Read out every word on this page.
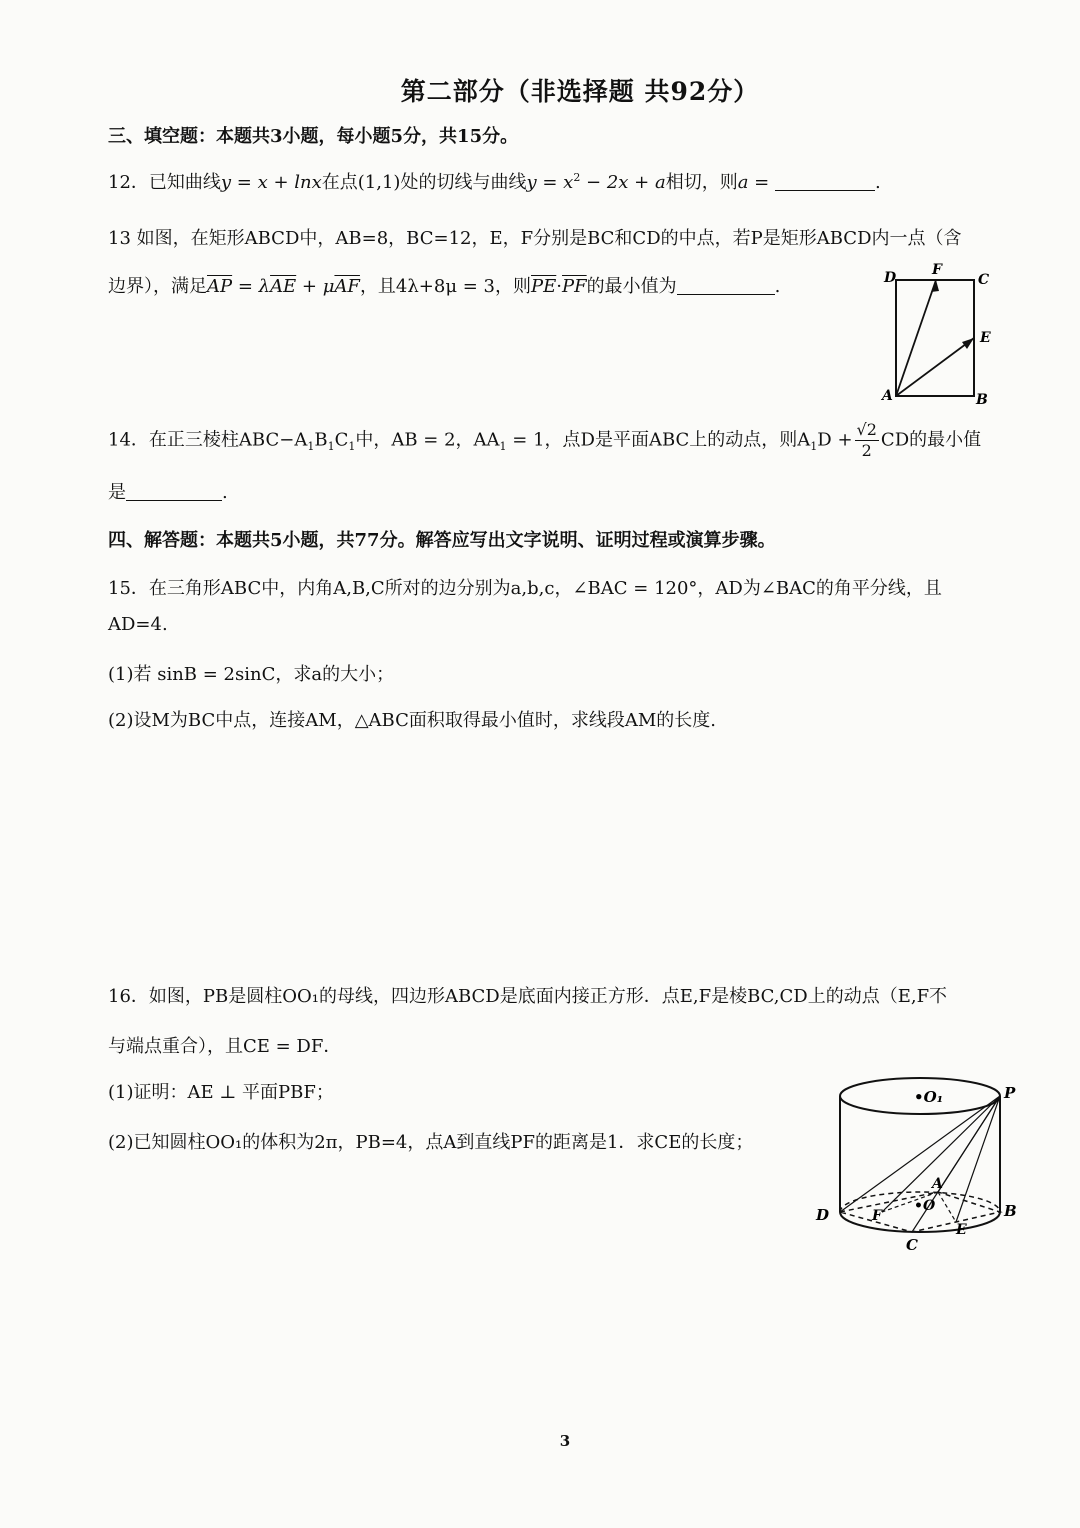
第二部分（非选择题 共92分）
三、填空题：本题共3小题，每小题5分，共15分。
12．已知曲线y = x + lnx在点(1,1)处的切线与曲线$y = x^2 - 2x + a$相切，则a =	.
13 如图，在矩形ABCD中，AB=8，BC=12，E，F分别是BC和CD的中点，若P是矩形ABCD内一点（含
边界），满足$\overline{AP} = \lambda\overline{AE} + \mu\overline{AF}$，且4λ+8μ = 3，则$\overline{PE}\cdot\overline{PF}$的最小值为	.	D	F
C
E
A	B
14．在正三棱柱$ABC-A_1B_1C_1$中，AB = 2，$AA_1 = 1$，点D是平面ABC上的动点，则$A_1D + \frac{√2}{2}$ CD的最小值
是	.
四、解答题：本题共5小题，共77分。解答应写出文字说明、证明过程或演算步骤。
15．在三角形ABC中，内角A,B,C所对的边分别为a,b,c，∠BAC = 120°，AD为∠BAC的角平分线，且
AD=4.
(1)若 sinB = 2sinC，求a的大小；
(2)设M为BC中点，连接AM，△ABC面积取得最小值时，求线段AM的长度.
16．如图，PB是圆柱OO₁的母线，四边形ABCD是底面内接正方形．点E,F是棱BC,CD上的动点（E,F不
与端点重合），且CE = DF．
(1)证明：AE ⊥ 平面PBF；
(2)已知圆柱OO₁的体积为2π，PB=4，点A到直线PF的距离是1．求CE的长度；
•O₁	P
A
•O
D	F
E
B
C
3
